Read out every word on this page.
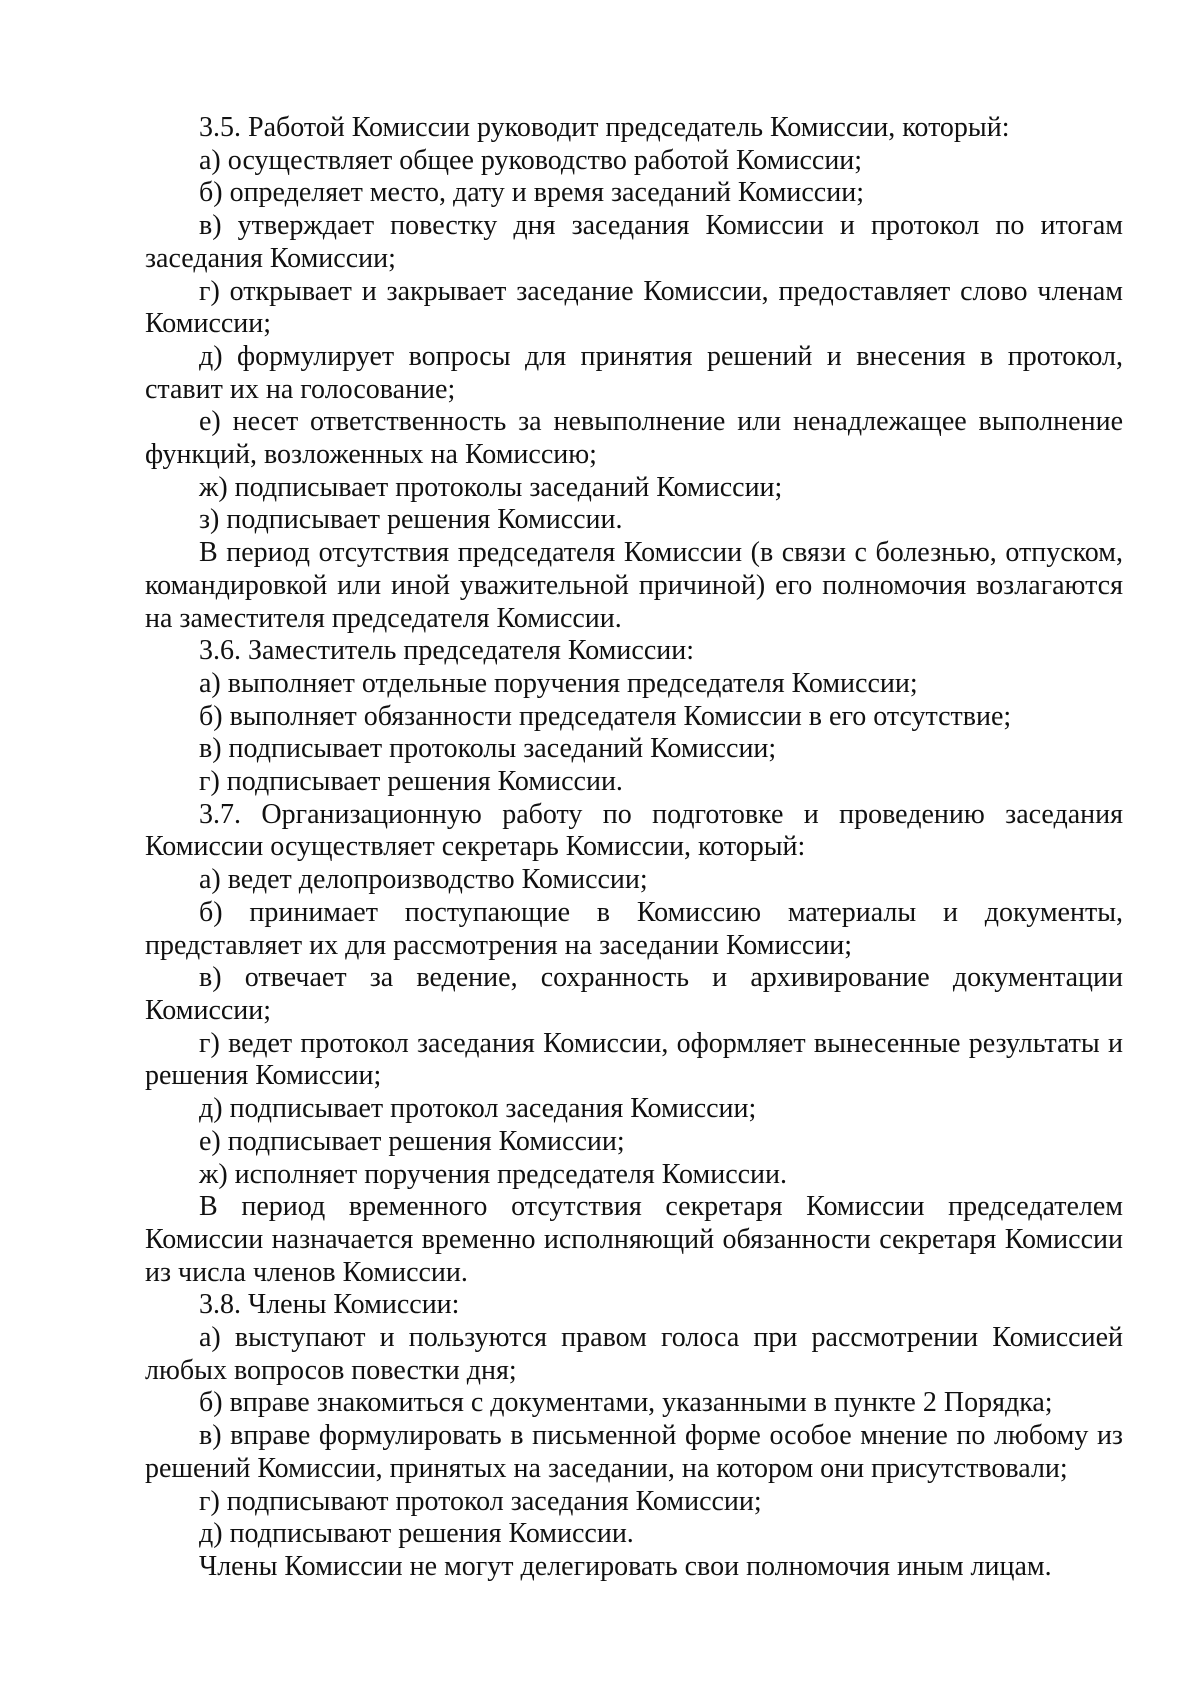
3.5. Работой Комиссии руководит председатель Комиссии, который:

а) осуществляет общее руководство работой Комиссии;

б) определяет место, дату и время заседаний Комиссии;

в) утверждает повестку дня заседания Комиссии и протокол по итогам заседания Комиссии;

г) открывает и закрывает заседание Комиссии, предоставляет слово членам Комиссии;

д) формулирует вопросы для принятия решений и внесения в протокол, ставит их на голосование;

е) несет ответственность за невыполнение или ненадлежащее выполнение функций, возложенных на Комиссию;

ж) подписывает протоколы заседаний Комиссии;

з) подписывает решения Комиссии.

В период отсутствия председателя Комиссии (в связи с болезнью, отпуском, командировкой или иной уважительной причиной) его полномочия возлагаются на заместителя председателя Комиссии.

3.6. Заместитель председателя Комиссии:

а) выполняет отдельные поручения председателя Комиссии;

б) выполняет обязанности председателя Комиссии в его отсутствие;

в) подписывает протоколы заседаний Комиссии;

г) подписывает решения Комиссии.

3.7. Организационную работу по подготовке и проведению заседания Комиссии осуществляет секретарь Комиссии, который:

а) ведет делопроизводство Комиссии;

б) принимает поступающие в Комиссию материалы и документы, представляет их для рассмотрения на заседании Комиссии;

в) отвечает за ведение, сохранность и архивирование документации Комиссии;

г) ведет протокол заседания Комиссии, оформляет вынесенные результаты и решения Комиссии;

д) подписывает протокол заседания Комиссии;

е) подписывает решения Комиссии;

ж) исполняет поручения председателя Комиссии.

В период временного отсутствия секретаря Комиссии председателем Комиссии назначается временно исполняющий обязанности секретаря Комиссии из числа членов Комиссии.

3.8. Члены Комиссии:

а) выступают и пользуются правом голоса при рассмотрении Комиссией любых вопросов повестки дня;

б) вправе знакомиться с документами, указанными в пункте 2 Порядка;

в) вправе формулировать в письменной форме особое мнение по любому из решений Комиссии, принятых на заседании, на котором они присутствовали;

г) подписывают протокол заседания Комиссии;

д) подписывают решения Комиссии.

Члены Комиссии не могут делегировать свои полномочия иным лицам.
